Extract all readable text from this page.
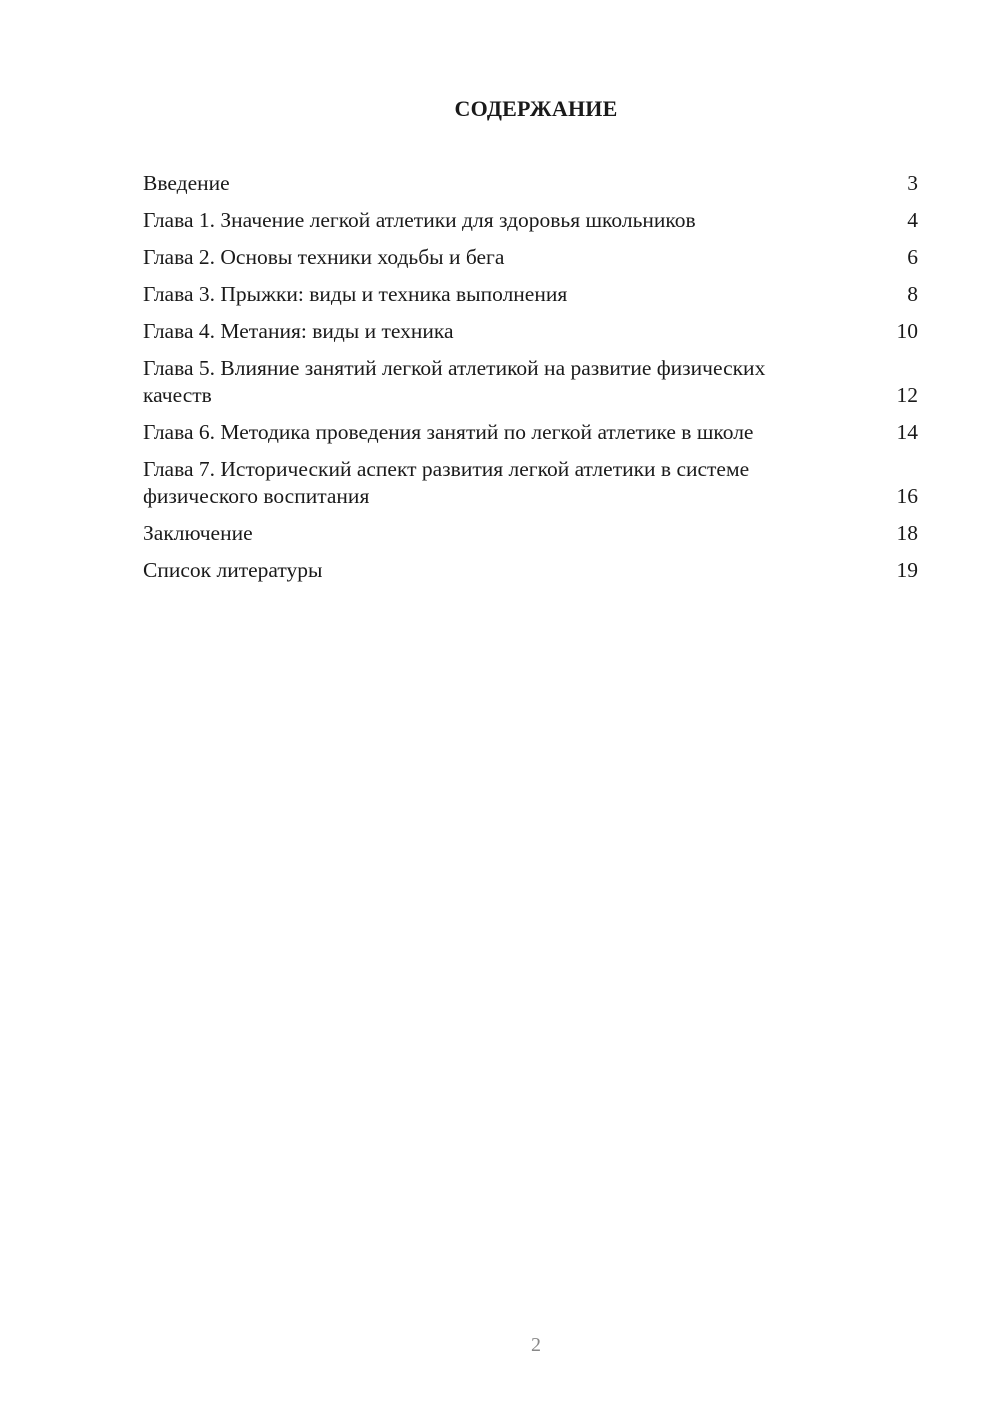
СОДЕРЖАНИЕ
Введение	3
Глава 1. Значение легкой атлетики для здоровья школьников	4
Глава 2. Основы техники ходьбы и бега	6
Глава 3. Прыжки: виды и техника выполнения	8
Глава 4. Метания: виды и техника	10
Глава 5. Влияние занятий легкой атлетикой на развитие физических качеств	12
Глава 6. Методика проведения занятий по легкой атлетике в школе	14
Глава 7. Исторический аспект развития легкой атлетики в системе физического воспитания	16
Заключение	18
Список литературы	19
2
